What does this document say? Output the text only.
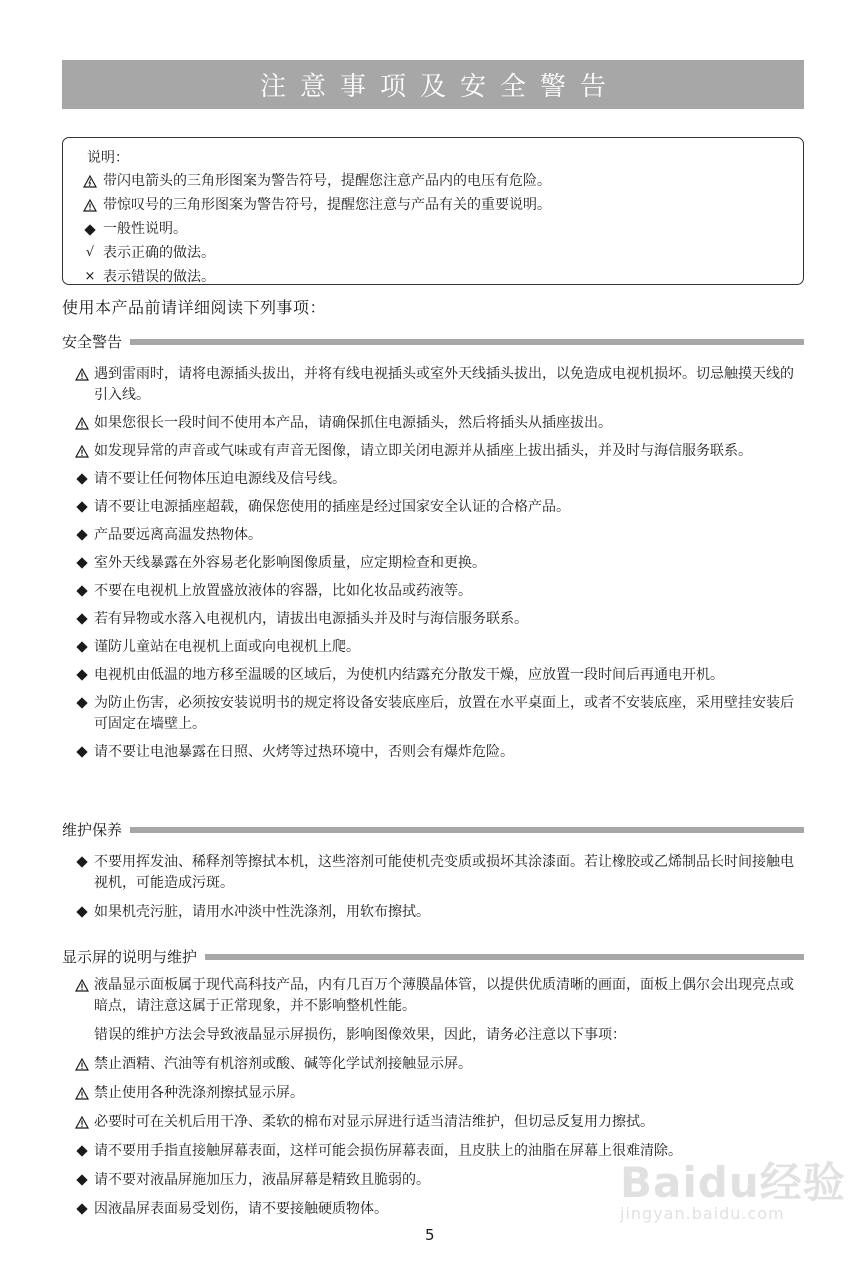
注意事项及安全警告
说明：
带闪电箭头的三角形图案为警告符号，提醒您注意产品内的电压有危险。
带惊叹号的三角形图案为警告符号，提醒您注意与产品有关的重要说明。
一般性说明。
√ 表示正确的做法。
× 表示错误的做法。
使用本产品前请详细阅读下列事项：
安全警告
遇到雷雨时，请将电源插头拔出，并将有线电视插头或室外天线插头拔出，以免造成电视机损坏。切忌触摸天线的引入线。
如果您很长一段时间不使用本产品，请确保抓住电源插头，然后将插头从插座拔出。
如发现异常的声音或气味或有声音无图像，请立即关闭电源并从插座上拔出插头，并及时与海信服务联系。
请不要让任何物体压迫电源线及信号线。
请不要让电源插座超载，确保您使用的插座是经过国家安全认证的合格产品。
产品要远离高温发热物体。
室外天线暴露在外容易老化影响图像质量，应定期检查和更换。
不要在电视机上放置盛放液体的容器，比如化妆品或药液等。
若有异物或水落入电视机内，请拔出电源插头并及时与海信服务联系。
谨防儿童站在电视机上面或向电视机上爬。
电视机由低温的地方移至温暖的区域后，为使机内结露充分散发干燥，应放置一段时间后再通电开机。
为防止伤害，必须按安装说明书的规定将设备安装底座后，放置在水平桌面上，或者不安装底座，采用壁挂安装后可固定在墙壁上。
请不要让电池暴露在日照、火烤等过热环境中，否则会有爆炸危险。
维护保养
不要用挥发油、稀释剂等擦拭本机，这些溶剂可能使机壳变质或损坏其涂漆面。若让橡胶或乙烯制品长时间接触电视机，可能造成污斑。
如果机壳污脏，请用水冲淡中性洗涤剂，用软布擦拭。
显示屏的说明与维护
液晶显示面板属于现代高科技产品，内有几百万个薄膜晶体管，以提供优质清晰的画面，面板上偶尔会出现亮点或暗点，请注意这属于正常现象，并不影响整机性能。
错误的维护方法会导致液晶显示屏损伤，影响图像效果，因此，请务必注意以下事项：
禁止酒精、汽油等有机溶剂或酸、碱等化学试剂接触显示屏。
禁止使用各种洗涤剂擦拭显示屏。
必要时可在关机后用干净、柔软的棉布对显示屏进行适当清洁维护，但切忌反复用力擦拭。
请不要用手指直接触屏幕表面，这样可能会损伤屏幕表面，且皮肤上的油脂在屏幕上很难清除。
请不要对液晶屏施加压力，液晶屏幕是精致且脆弱的。
因液晶屏表面易受划伤，请不要接触硬质物体。
Baidu经验
jingyan.baidu.com
5
